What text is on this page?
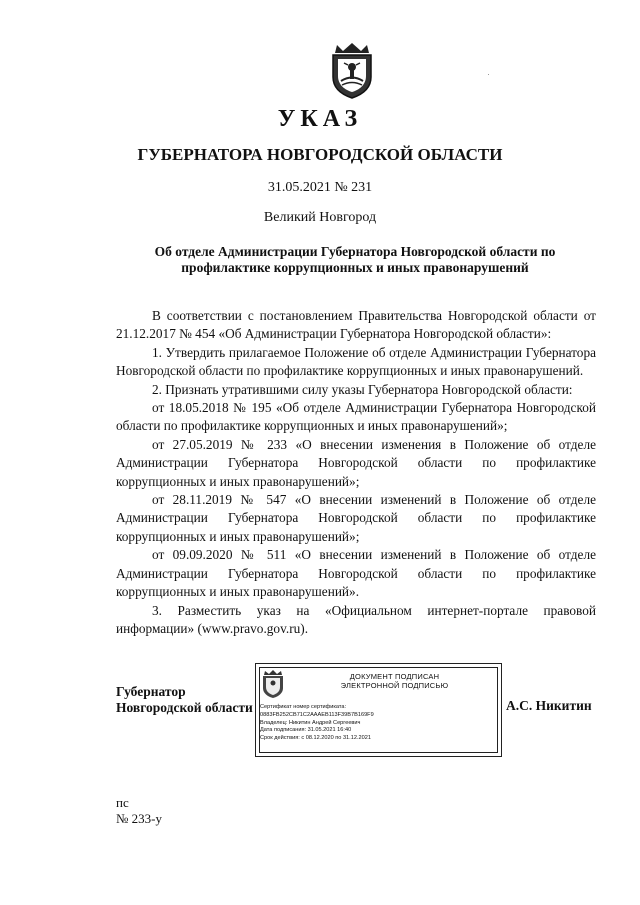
УКАЗ
ГУБЕРНАТОРА НОВГОРОДСКОЙ ОБЛАСТИ
31.05.2021 № 231
Великий Новгород
Об отделе Администрации Губернатора Новгородской области по
профилактике коррупционных и иных правонарушений

В соответствии с постановлением Правительства Новгородской области от 21.12.2017 № 454 «Об Администрации Губернатора Новгородской области»:

1. Утвердить прилагаемое Положение об отделе Администрации Губернатора Новгородской области по профилактике коррупционных и иных правонарушений.

2. Признать утратившими силу указы Губернатора Новгородской области:

от 18.05.2018 № 195 «Об отделе Администрации Губернатора Новгородской области по профилактике коррупционных и иных правонарушений»;

от 27.05.2019 № 233 «О внесении изменения в Положение об отделе Администрации Губернатора Новгородской области по профилактике коррупционных и иных правонарушений»;

от 28.11.2019 № 547 «О внесении изменений в Положение об отделе Администрации Губернатора Новгородской области по профилактике коррупционных и иных правонарушений»;

от 09.09.2020 № 511 «О внесении изменений в Положение об отделе Администрации Губернатора Новгородской области по профилактике коррупционных и иных правонарушений».

3. Разместить указ на «Официальном интернет-портале правовой информации» (www.pravo.gov.ru).

Губернатор
Новгородской области
ДОКУМЕНТ ПОДПИСАН
ЭЛЕКТРОННОЙ ПОДПИСЬЮ
Сертификат номер сертификата:
0883FB252CB71C2AAAEB113F39B7B169F9
Владелец: Никитин Андрей Сергеевич
Дата подписания: 31.05.2021 16:40
Срок действия: с 08.12.2020 по 31.12.2021
А.С. Никитин
пс
№ 233-у
